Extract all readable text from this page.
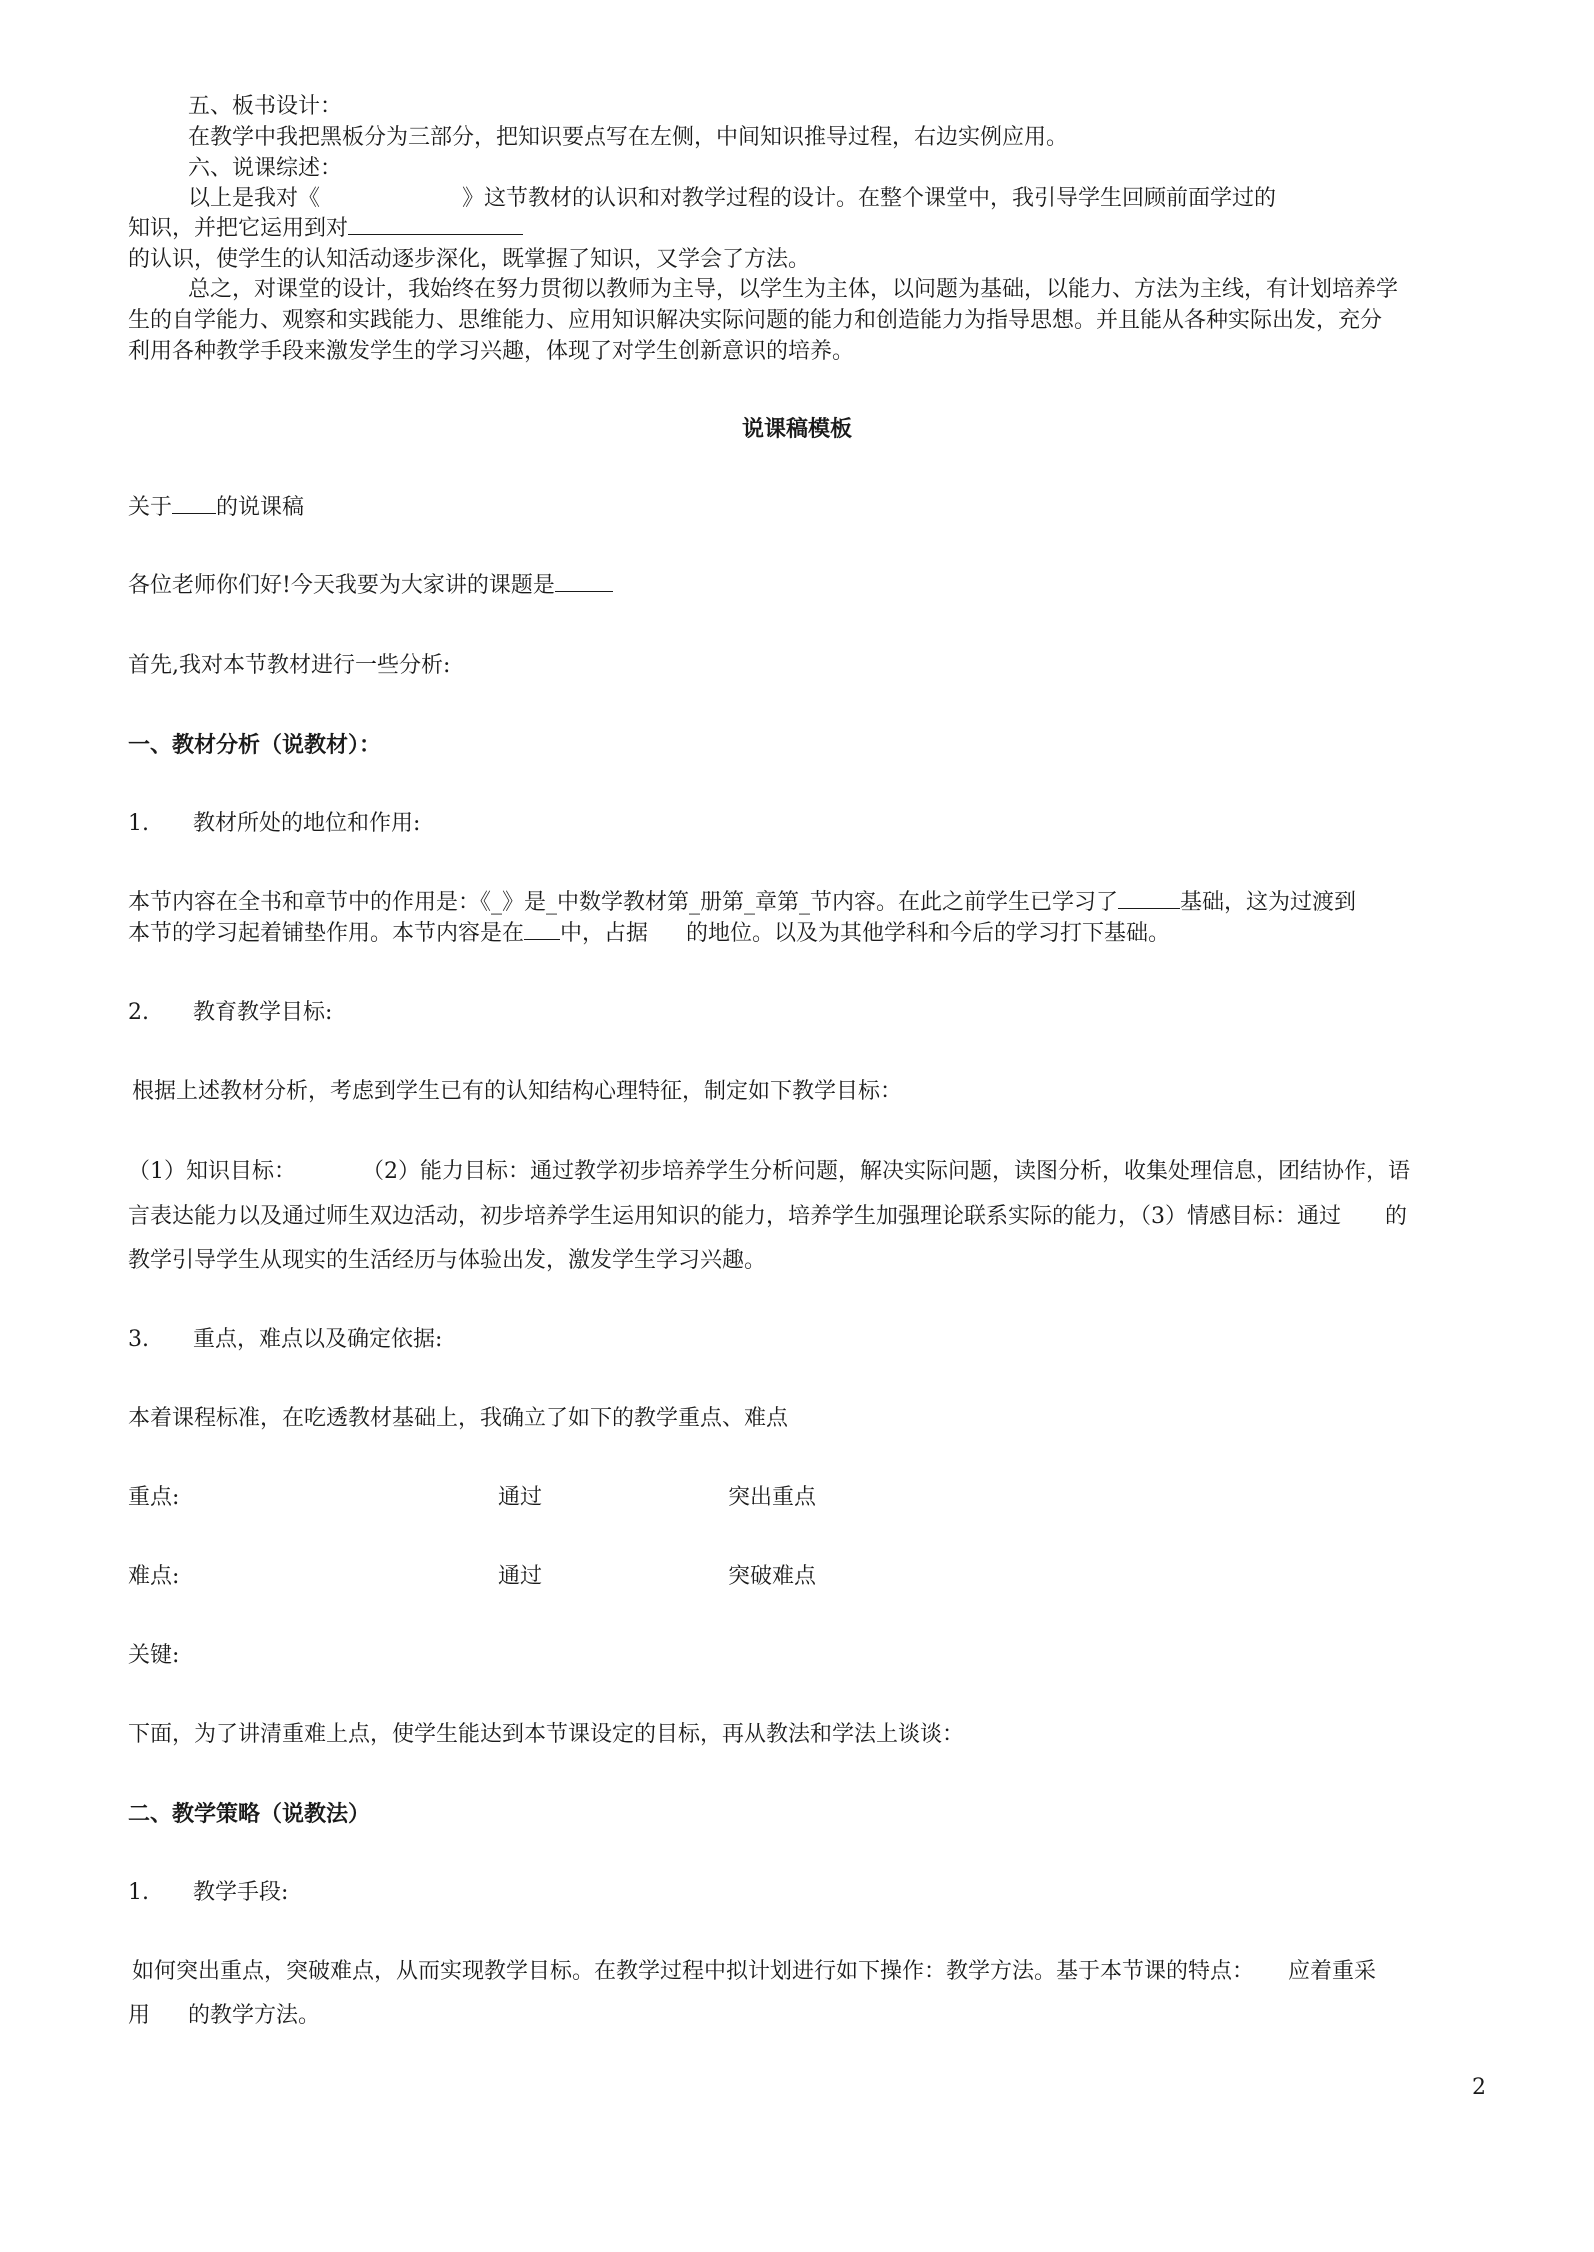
五、板书设计：

在教学中我把黑板分为三部分，把知识要点写在左侧，中间知识推导过程，右边实例应用。

六、说课综述：

以上是我对《	》这节教材的认识和对教学过程的设计。在整个课堂中，我引导学生回顾前面学过的

知识，并把它运用到对

的认识，使学生的认知活动逐步深化，既掌握了知识，又学会了方法。

总之，对课堂的设计，我始终在努力贯彻以教师为主导，以学生为主体，以问题为基础，以能力、方法为主线，有计划培养学

生的自学能力、观察和实践能力、思维能力、应用知识解决实际问题的能力和创造能力为指导思想。并且能从各种实际出发，充分

利用各种教学手段来激发学生的学习兴趣，体现了对学生创新意识的培养。

说课稿模板

关于 的说课稿

各位老师你们好!今天我要为大家讲的课题是

首先,我对本节教材进行一些分析:

一、教材分析（说教材）：

1. 教材所处的地位和作用:

本节内容在全书和章节中的作用是：《_》是_中数学教材第_册第_章第_节内容。在此之前学生已学习了	基础，这为过渡到

本节的学习起着铺垫作用。本节内容是在 中，占据 的地位。以及为其他学科和今后的学习打下基础。

2. 教育教学目标:

根据上述教材分析，考虑到学生已有的认知结构心理特征，制定如下教学目标：

（1）知识目标：	（2）能力目标：通过教学初步培养学生分析问题，解决实际问题，读图分析，收集处理信息，团结协作，语

言表达能力以及通过师生双边活动，初步培养学生运用知识的能力，培养学生加强理论联系实际的能力，（3）情感目标：通过 的

教学引导学生从现实的生活经历与体验出发，激发学生学习兴趣。

3. 重点，难点以及确定依据:

本着课程标准，在吃透教材基础上，我确立了如下的教学重点、难点

重点:	通过	突出重点

难点:	通过	突破难点

关键:

下面，为了讲清重难上点，使学生能达到本节课设定的目标，再从教法和学法上谈谈：

二、教学策略（说教法）

1. 教学手段:

如何突出重点，突破难点，从而实现教学目标。在教学过程中拟计划进行如下操作：教学方法。基于本节课的特点： 应着重采

用 的教学方法。

2
